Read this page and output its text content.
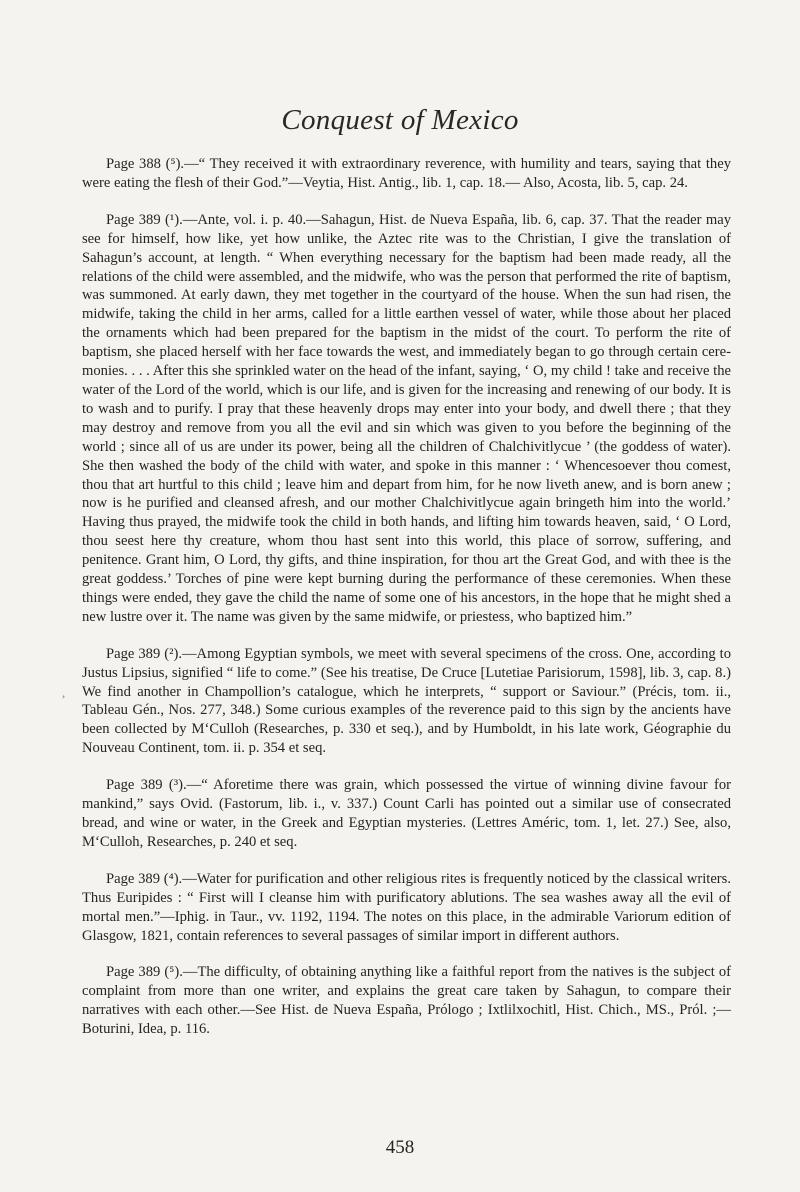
Conquest of Mexico

Page 388 (⁵).—“ They received it with extraordinary reverence, with humility and tears, saying that they were eating the flesh of their God.”—Veytia, Hist. Antig., lib. 1, cap. 18.— Also, Acosta, lib. 5, cap. 24.

Page 389 (¹).—Ante, vol. i. p. 40.—Sahagun, Hist. de Nueva España, lib. 6, cap. 37. That the reader may see for himself, how like, yet how unlike, the Aztec rite was to the Christian, I give the translation of Sahagun’s account, at length. “ When everything necessary for the baptism had been made ready, all the relations of the child were assembled, and the midwife, who was the person that performed the rite of baptism, was summoned. At early dawn, they met together in the courtyard of the house. When the sun had risen, the midwife, taking the child in her arms, called for a little earthen vessel of water, while those about her placed the ornaments which had been prepared for the baptism in the midst of the court. To perform the rite of baptism, she placed herself with her face towards the west, and immediately began to go through certain ceremonies. . . . After this she sprinkled water on the head of the infant, saying, ‘ O, my child ! take and receive the water of the Lord of the world, which is our life, and is given for the increasing and renewing of our body. It is to wash and to purify. I pray that these heavenly drops may enter into your body, and dwell there ; that they may destroy and remove from you all the evil and sin which was given to you before the beginning of the world ; since all of us are under its power, being all the children of Chalchivitlycue ’ (the goddess of water). She then washed the body of the child with water, and spoke in this manner : ‘ Whencesoever thou comest, thou that art hurtful to this child ; leave him and depart from him, for he now liveth anew, and is born anew ; now is he purified and cleansed afresh, and our mother Chalchivitlycue again bringeth him into the world.’ Having thus prayed, the midwife took the child in both hands, and lifting him towards heaven, said, ‘ O Lord, thou seest here thy creature, whom thou hast sent into this world, this place of sorrow, suffering, and penitence. Grant him, O Lord, thy gifts, and thine inspiration, for thou art the Great God, and with thee is the great goddess.’ Torches of pine were kept burning during the performance of these ceremonies. When these things were ended, they gave the child the name of some one of his ancestors, in the hope that he might shed a new lustre over it. The name was given by the same midwife, or priestess, who baptized him.”

Page 389 (²).—Among Egyptian symbols, we meet with several specimens of the cross. One, according to Justus Lipsius, signified “ life to come.” (See his treatise, De Cruce [Lutetiae Parisiorum, 1598], lib. 3, cap. 8.) We find another in Champollion’s catalogue, which he interprets, “ support or Saviour.” (Précis, tom. ii., Tableau Gén., Nos. 277, 348.) Some curious examples of the reverence paid to this sign by the ancients have been collected by M‘Culloh (Researches, p. 330 et seq.), and by Humboldt, in his late work, Géographie du Nouveau Continent, tom. ii. p. 354 et seq.

Page 389 (³).—“ Aforetime there was grain, which possessed the virtue of winning divine favour for mankind,” says Ovid. (Fastorum, lib. i., v. 337.) Count Carli has pointed out a similar use of consecrated bread, and wine or water, in the Greek and Egyptian mysteries. (Lettres Améric, tom. 1, let. 27.) See, also, M‘Culloh, Researches, p. 240 et seq.

Page 389 (⁴).—Water for purification and other religious rites is frequently noticed by the classical writers. Thus Euripides : “ First will I cleanse him with purificatory ablutions. The sea washes away all the evil of mortal men.”—Iphig. in Taur., vv. 1192, 1194. The notes on this place, in the admirable Variorum edition of Glasgow, 1821, contain references to several passages of similar import in different authors.

Page 389 (⁵).—The difficulty, of obtaining anything like a faithful report from the natives is the subject of complaint from more than one writer, and explains the great care taken by Sahagun, to compare their narratives with each other.—See Hist. de Nueva España, Prólogo ; Ixtlilxochitl, Hist. Chich., MS., Pról. ;—Boturini, Idea, p. 116.

,
458
